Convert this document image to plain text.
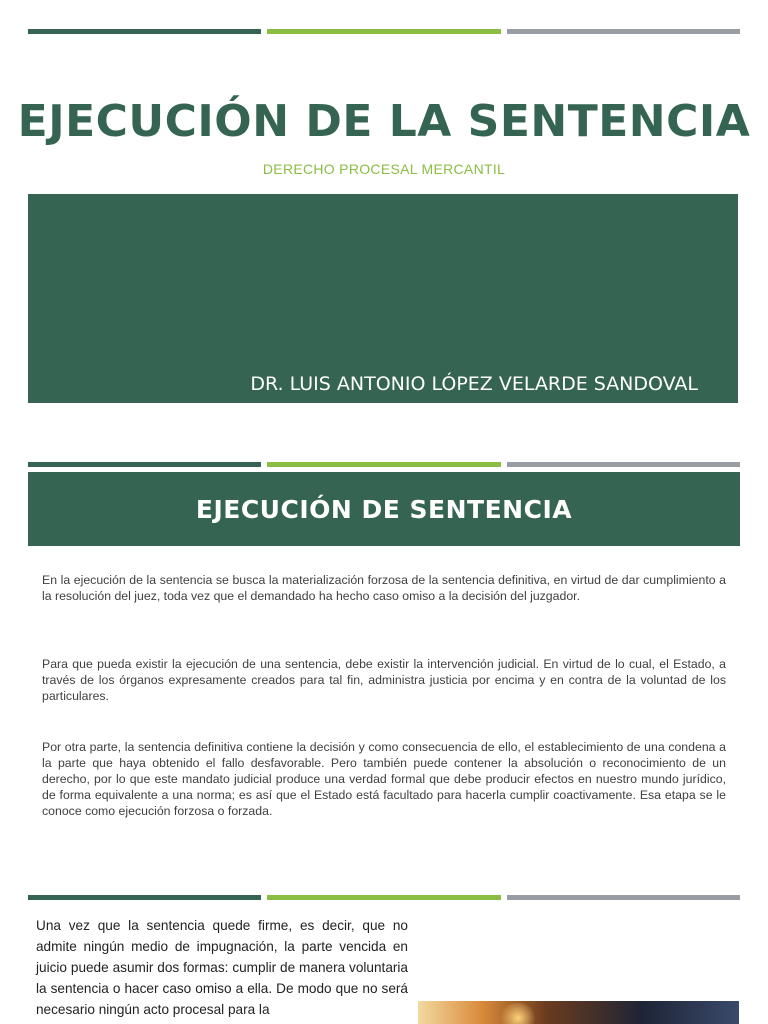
EJECUCIÓN DE LA SENTENCIA
DERECHO PROCESAL MERCANTIL
DR. LUIS ANTONIO LÓPEZ VELARDE SANDOVAL
EJECUCIÓN DE SENTENCIA

En la ejecución de la sentencia se busca la materialización forzosa de la sentencia definitiva, en virtud de dar cumplimiento a la resolución del juez, toda vez que el demandado ha hecho caso omiso a la decisión del juzgador.

Para que pueda existir la ejecución de una sentencia, debe existir la intervención judicial. En virtud de lo cual, el Estado, a través de los órganos expresamente creados para tal fin, administra justicia por encima y en contra de la voluntad de los particulares.

Por otra parte, la sentencia definitiva contiene la decisión y como consecuencia de ello, el establecimiento de una condena a la parte que haya obtenido el fallo desfavorable. Pero también puede contener la absolución o reconocimiento de un derecho, por lo que este mandato judicial produce una verdad formal que debe producir efectos en nuestro mundo jurídico, de forma equivalente a una norma; es así que el Estado está facultado para hacerla cumplir coactivamente. Esa etapa se le conoce como ejecución forzosa o forzada.

Una vez que la sentencia quede firme, es decir, que no admite ningún medio de impugnación, la parte vencida en juicio puede asumir dos formas: cumplir de manera voluntaria la sentencia o hacer caso omiso a ella. De modo que no será necesario ningún acto procesal para la
